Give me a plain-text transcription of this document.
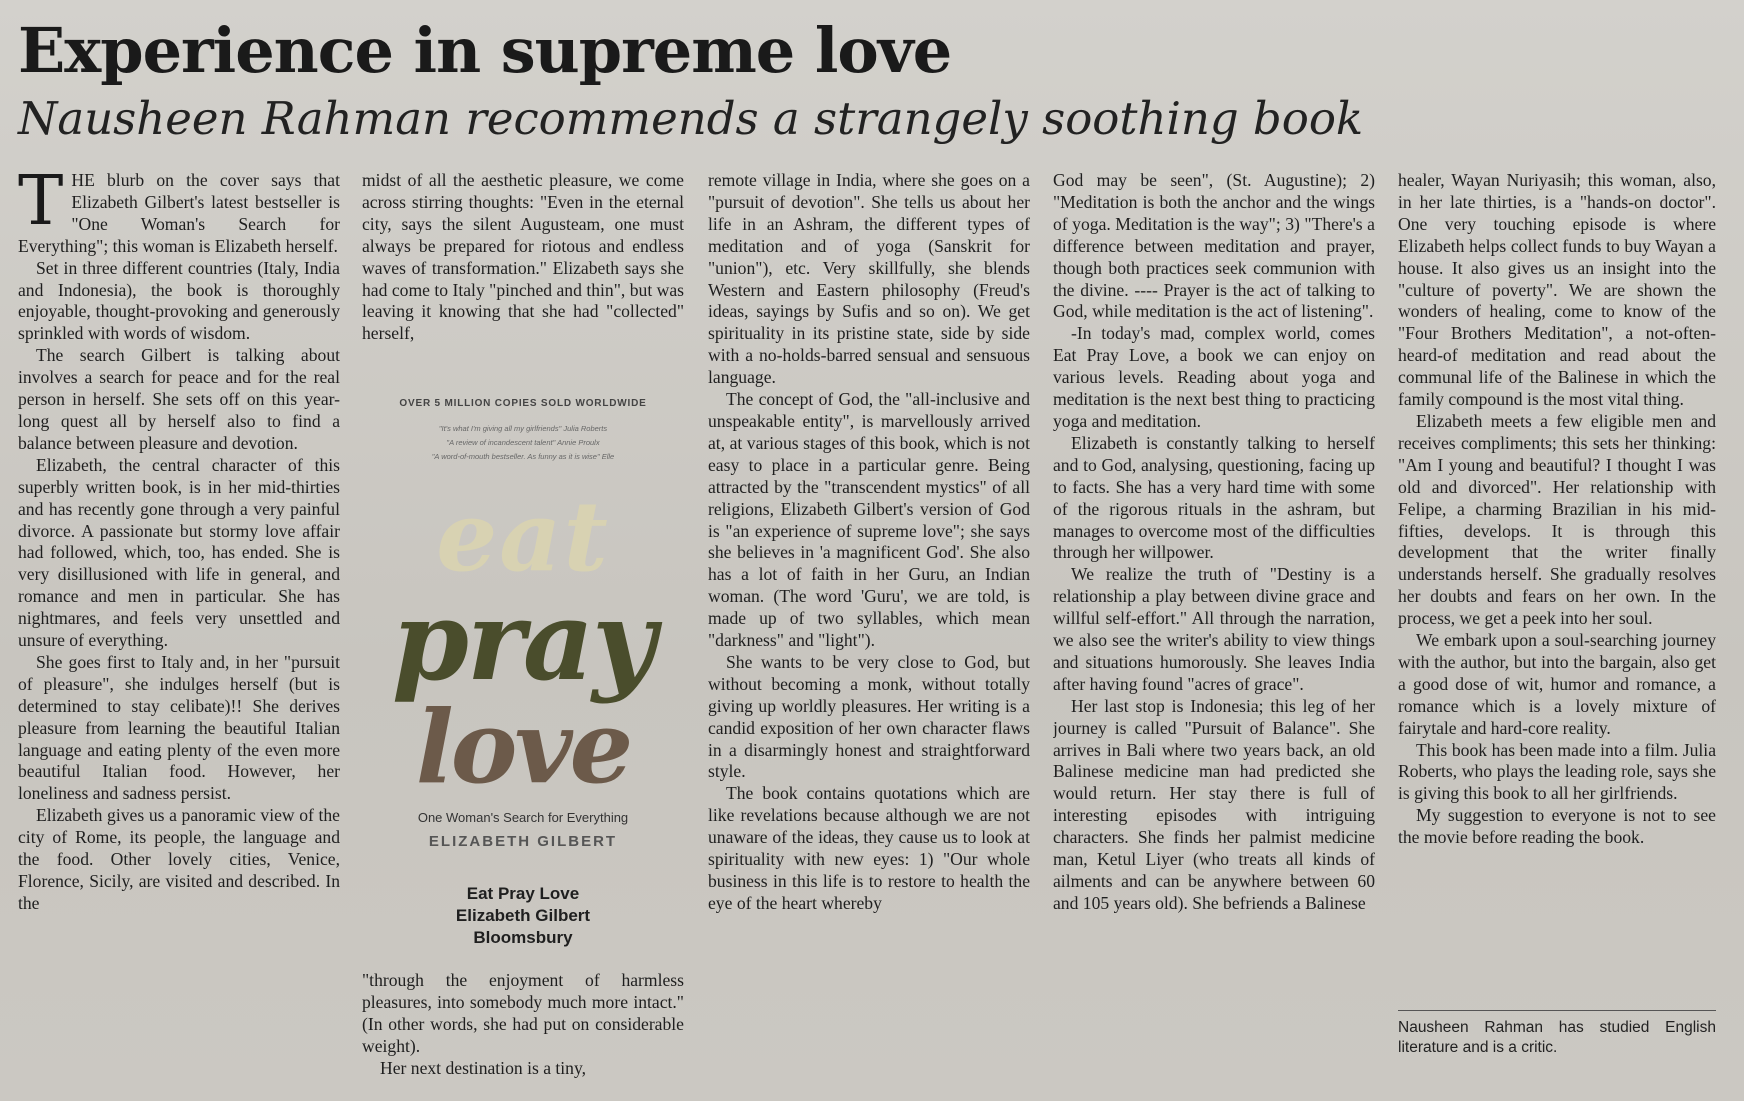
Experience in supreme love
Nausheen Rahman recommends a strangely soothing book

THE blurb on the cover says that Elizabeth Gilbert's latest bestseller is "One Woman's Search for Everything"; this woman is Elizabeth herself.

Set in three different countries (Italy, India and Indonesia), the book is thoroughly enjoyable, thought-provoking and generously sprinkled with words of wisdom.

The search Gilbert is talking about involves a search for peace and for the real person in herself. She sets off on this year-long quest all by herself also to find a balance between pleasure and devotion.

Elizabeth, the central character of this superbly written book, is in her mid-thirties and has recently gone through a very painful divorce. A passionate but stormy love affair had followed, which, too, has ended. She is very disillusioned with life in general, and romance and men in particular. She has nightmares, and feels very unsettled and unsure of everything.

She goes first to Italy and, in her "pursuit of pleasure", she indulges herself (but is determined to stay celibate)!! She derives pleasure from learning the beautiful Italian language and eating plenty of the even more beautiful Italian food. However, her loneliness and sadness persist.

Elizabeth gives us a panoramic view of the city of Rome, its people, the language and the food. Other lovely cities, Venice, Florence, Sicily, are visited and described. In the

midst of all the aesthetic pleasure, we come across stirring thoughts: "Even in the eternal city, says the silent Augusteam, one must always be prepared for riotous and endless waves of transformation." Elizabeth says she had come to Italy "pinched and thin", but was leaving it knowing that she had "collected" herself,

OVER 5 MILLION COPIES SOLD WORLDWIDE
"It's what I'm giving all my girlfriends" Julia Roberts
"A review of incandescent talent" Annie Proulx
"A word-of-mouth bestseller. As funny as it is wise" Elle
eat
pray
love
One Woman's Search for Everything
ELIZABETH GILBERT
Eat Pray Love
Elizabeth Gilbert
Bloomsbury

"through the enjoyment of harmless pleasures, into somebody much more intact." (In other words, she had put on considerable weight).

Her next destination is a tiny,

remote village in India, where she goes on a "pursuit of devotion". She tells us about her life in an Ashram, the different types of meditation and of yoga (Sanskrit for "union"), etc. Very skillfully, she blends Western and Eastern philosophy (Freud's ideas, sayings by Sufis and so on). We get spirituality in its pristine state, side by side with a no-holds-barred sensual and sensuous language.

The concept of God, the "all-inclusive and unspeakable entity", is marvellously arrived at, at various stages of this book, which is not easy to place in a particular genre. Being attracted by the "transcendent mystics" of all religions, Elizabeth Gilbert's version of God is "an experience of supreme love"; she says she believes in 'a magnificent God'. She also has a lot of faith in her Guru, an Indian woman. (The word 'Guru', we are told, is made up of two syllables, which mean "darkness" and "light").

She wants to be very close to God, but without becoming a monk, without totally giving up worldly pleasures. Her writing is a candid exposition of her own character flaws in a disarmingly honest and straightforward style.

The book contains quotations which are like revelations because although we are not unaware of the ideas, they cause us to look at spirituality with new eyes: 1) "Our whole business in this life is to restore to health the eye of the heart whereby

God may be seen", (St. Augustine); 2) "Meditation is both the anchor and the wings of yoga. Meditation is the way"; 3) "There's a difference between meditation and prayer, though both practices seek communion with the divine. ---- Prayer is the act of talking to God, while meditation is the act of listening".

-In today's mad, complex world, comes Eat Pray Love, a book we can enjoy on various levels. Reading about yoga and meditation is the next best thing to practicing yoga and meditation.

Elizabeth is constantly talking to herself and to God, analysing, questioning, facing up to facts. She has a very hard time with some of the rigorous rituals in the ashram, but manages to overcome most of the difficulties through her willpower.

We realize the truth of "Destiny is a relationship a play between divine grace and willful self-effort." All through the narration, we also see the writer's ability to view things and situations humorously. She leaves India after having found "acres of grace".

Her last stop is Indonesia; this leg of her journey is called "Pursuit of Balance". She arrives in Bali where two years back, an old Balinese medicine man had predicted she would return. Her stay there is full of interesting episodes with intriguing characters. She finds her palmist medicine man, Ketul Liyer (who treats all kinds of ailments and can be anywhere between 60 and 105 years old). She befriends a Balinese

healer, Wayan Nuriyasih; this woman, also, in her late thirties, is a "hands-on doctor". One very touching episode is where Elizabeth helps collect funds to buy Wayan a house. It also gives us an insight into the "culture of poverty". We are shown the wonders of healing, come to know of the "Four Brothers Meditation", a not-often-heard-of meditation and read about the communal life of the Balinese in which the family compound is the most vital thing.

Elizabeth meets a few eligible men and receives compliments; this sets her thinking: "Am I young and beautiful? I thought I was old and divorced". Her relationship with Felipe, a charming Brazilian in his mid-fifties, develops. It is through this development that the writer finally understands herself. She gradually resolves her doubts and fears on her own. In the process, we get a peek into her soul.

We embark upon a soul-searching journey with the author, but into the bargain, also get a good dose of wit, humor and romance, a romance which is a lovely mixture of fairytale and hard-core reality.

This book has been made into a film. Julia Roberts, who plays the leading role, says she is giving this book to all her girlfriends.

My suggestion to everyone is not to see the movie before reading the book.

Nausheen Rahman has studied English literature and is a critic.
